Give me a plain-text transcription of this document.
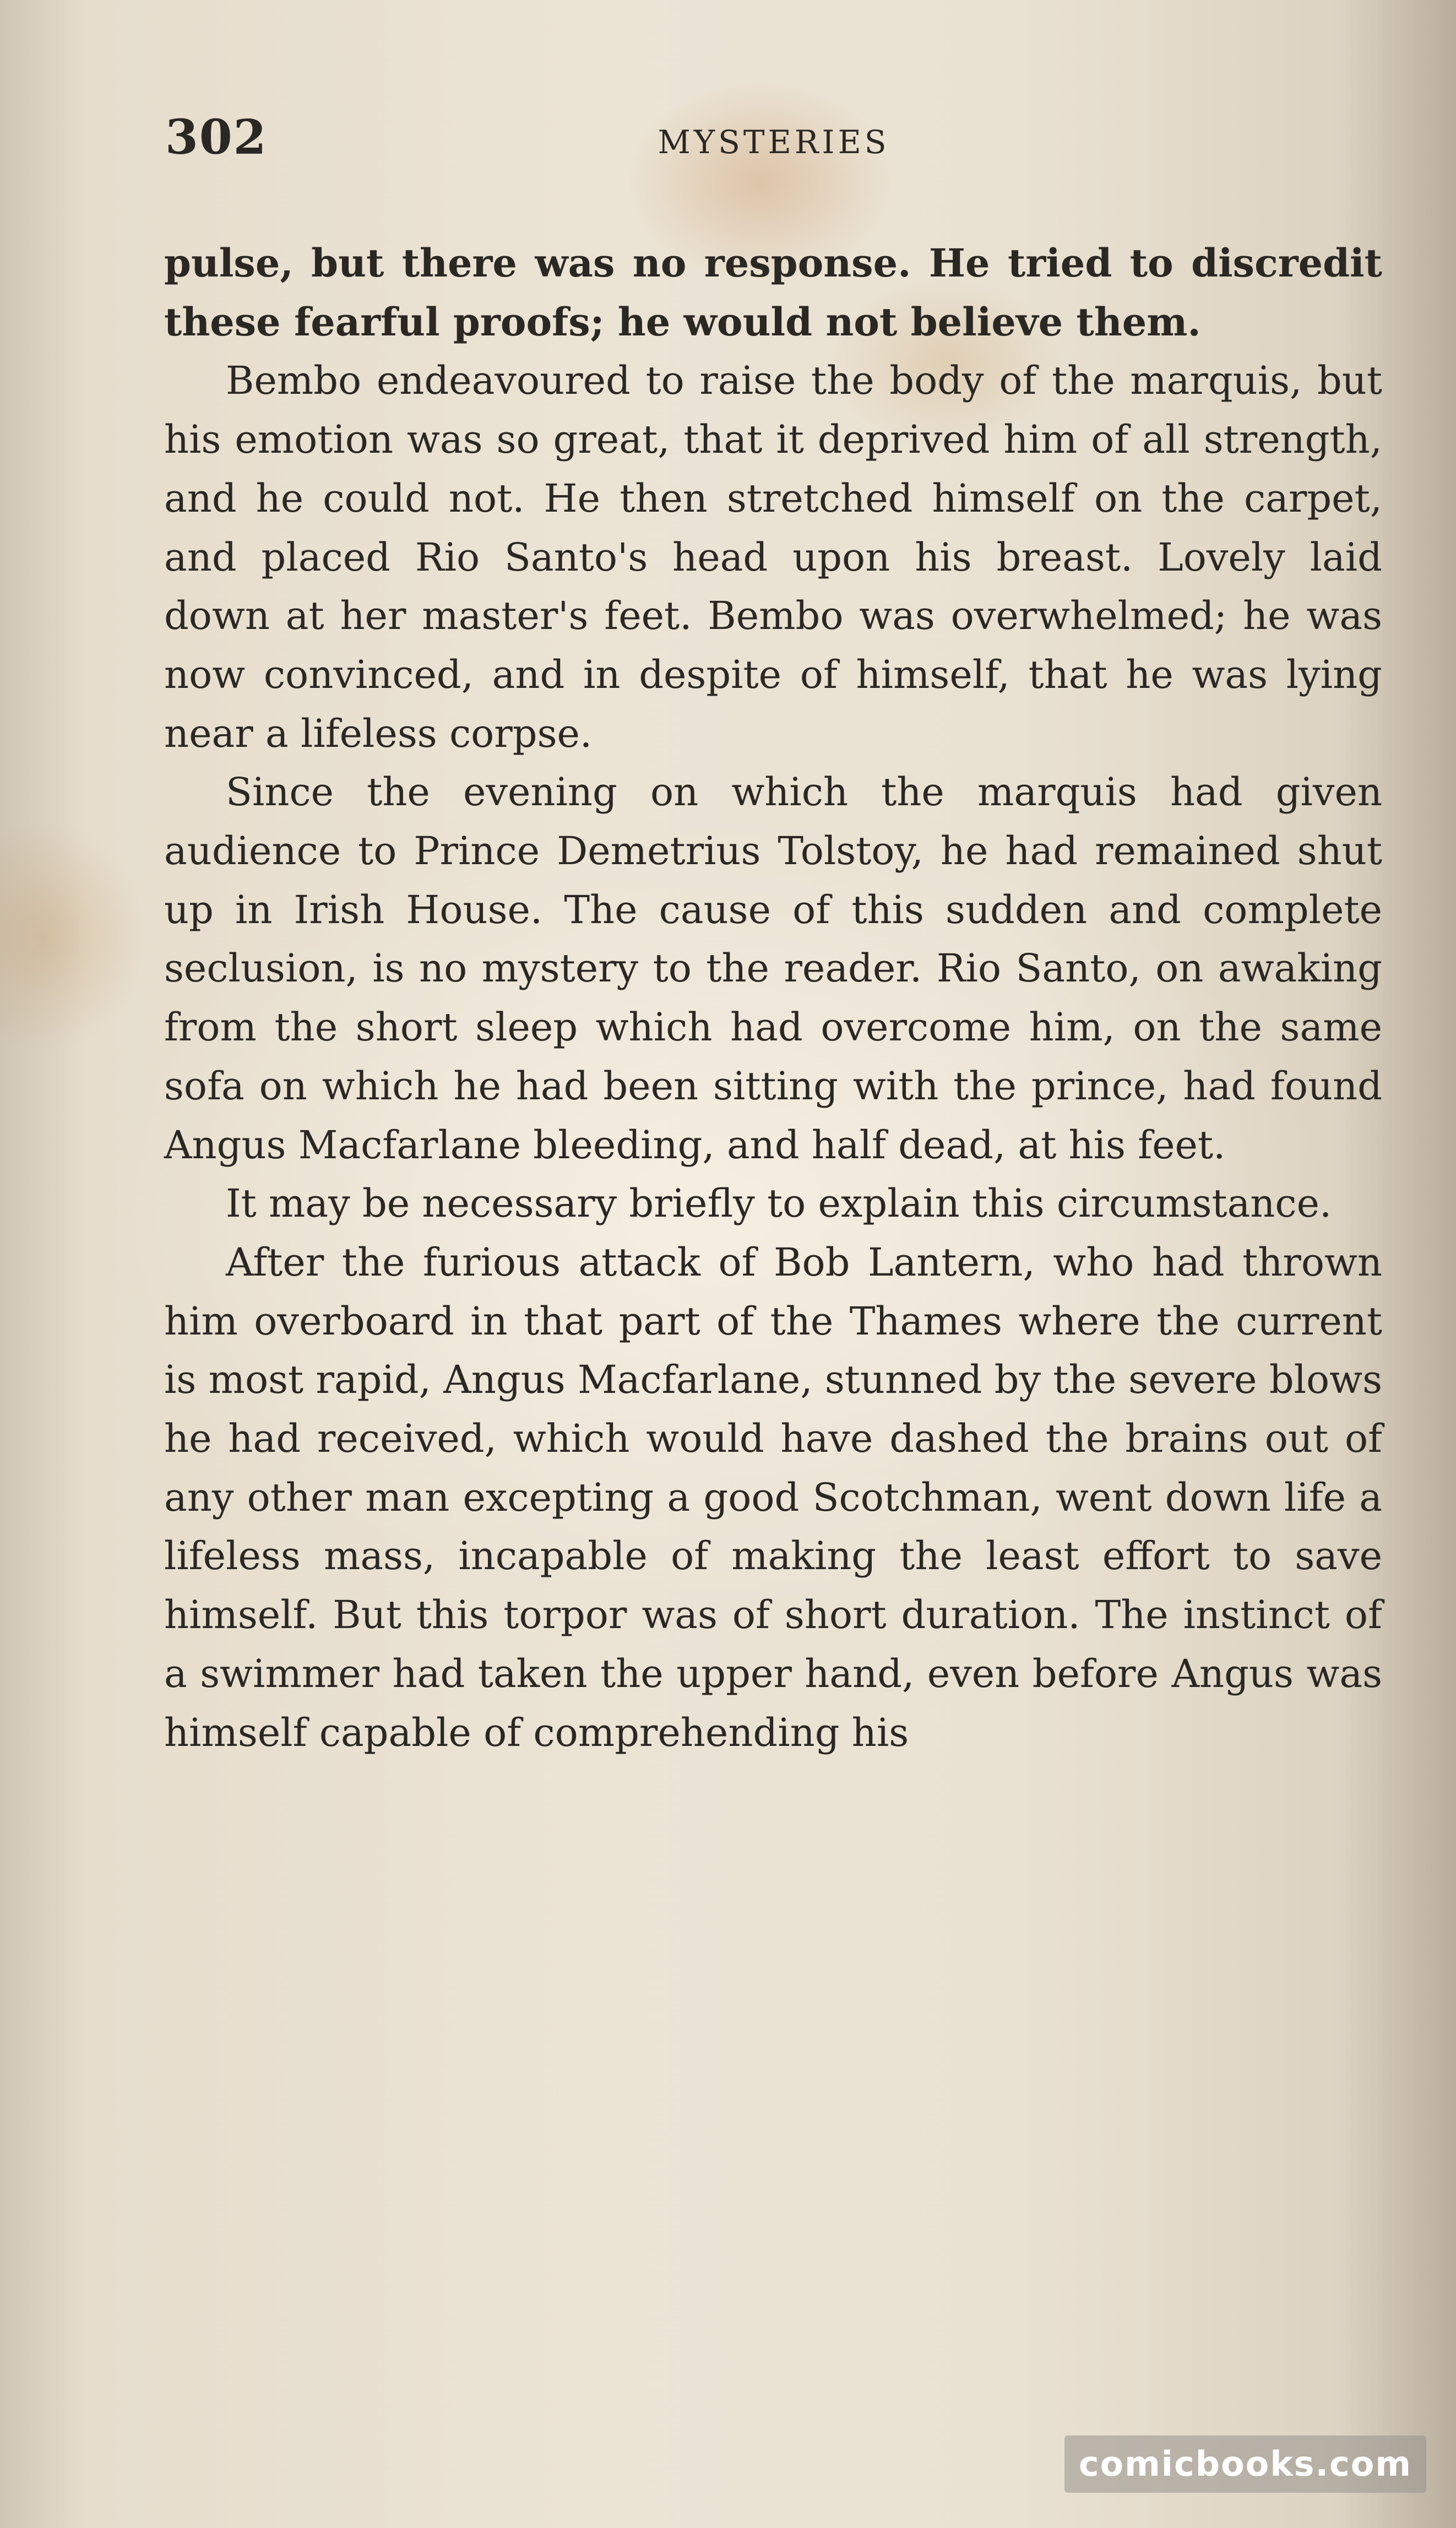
302	MYSTERIES

pulse, but there was no response. He tried to discredit these fearful proofs; he would not believe them.

Bembo endeavoured to raise the body of the marquis, but his emotion was so great, that it deprived him of all strength, and he could not. He then stretched himself on the carpet, and placed Rio Santo's head upon his breast. Lovely laid down at her master's feet. Bembo was overwhelmed; he was now convinced, and in despite of himself, that he was lying near a lifeless corpse.

Since the evening on which the marquis had given audience to Prince Demetrius Tolstoy, he had remained shut up in Irish House. The cause of this sudden and complete seclusion, is no mystery to the reader. Rio Santo, on awaking from the short sleep which had overcome him, on the same sofa on which he had been sitting with the prince, had found Angus Macfarlane bleeding, and half dead, at his feet.

It may be necessary briefly to explain this circumstance.

After the furious attack of Bob Lantern, who had thrown him overboard in that part of the Thames where the current is most rapid, Angus Macfarlane, stunned by the severe blows he had received, which would have dashed the brains out of any other man excepting a good Scotchman, went down life a lifeless mass, incapable of making the least effort to save himself. But this torpor was of short duration. The instinct of a swimmer had taken the upper hand, even before Angus was himself capable of comprehending his

comicbooks.com
